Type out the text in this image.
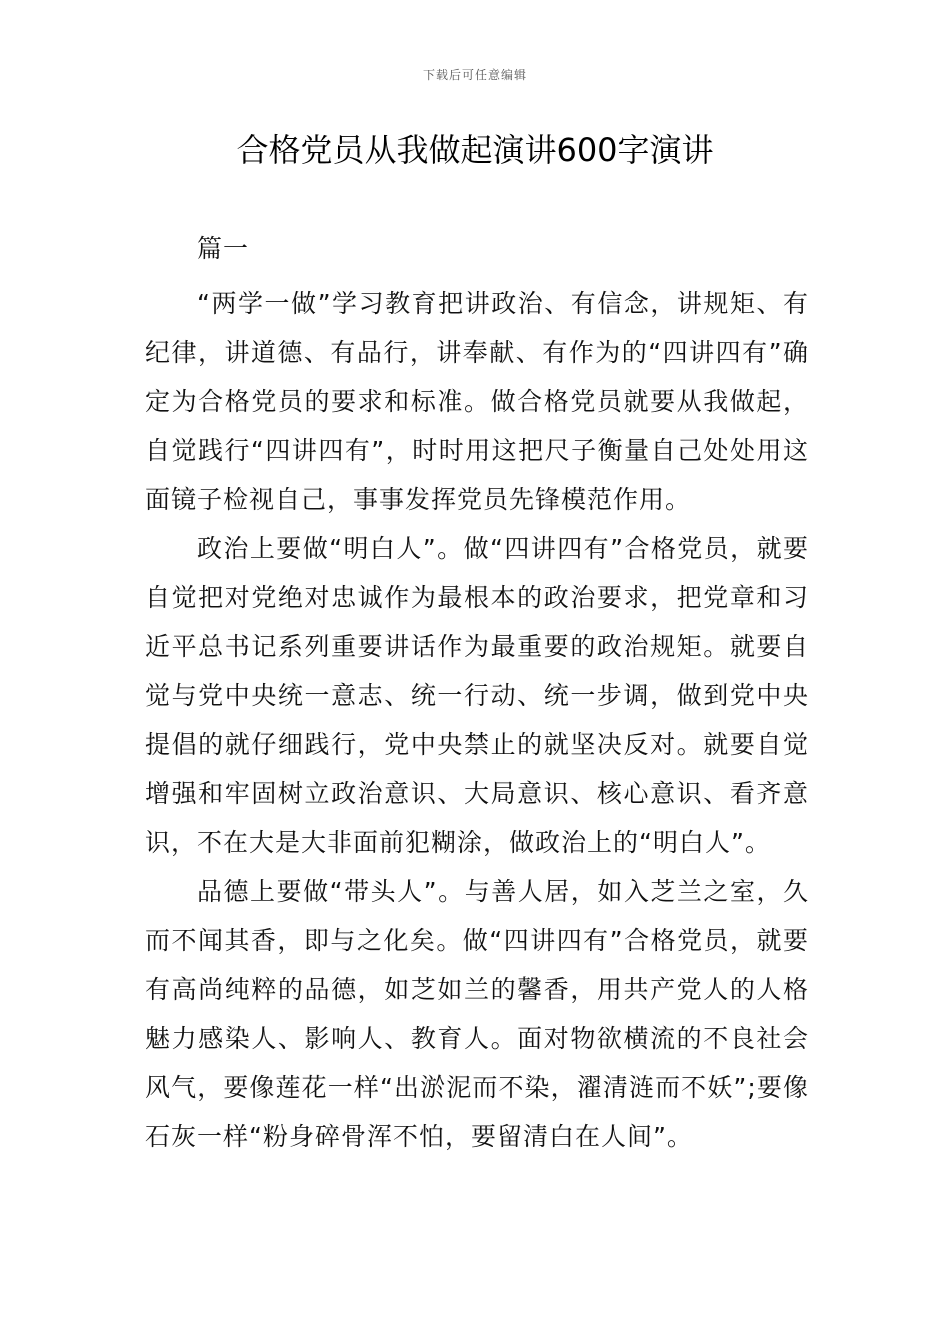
下载后可任意编辑
合格党员从我做起演讲600字演讲
篇一

“两学一做”学习教育把讲政治、有信念，讲规矩、有纪律，讲道德、有品行，讲奉献、有作为的“四讲四有”确定为合格党员的要求和标准。做合格党员就要从我做起，自觉践行“四讲四有”，时时用这把尺子衡量自己处处用这面镜子检视自己，事事发挥党员先锋模范作用。

政治上要做“明白人”。做“四讲四有”合格党员，就要自觉把对党绝对忠诚作为最根本的政治要求，把党章和习近平总书记系列重要讲话作为最重要的政治规矩。就要自觉与党中央统一意志、统一行动、统一步调，做到党中央提倡的就仔细践行，党中央禁止的就坚决反对。就要自觉增强和牢固树立政治意识、大局意识、核心意识、看齐意识，不在大是大非面前犯糊涂，做政治上的“明白人”。

品德上要做“带头人”。与善人居，如入芝兰之室，久而不闻其香，即与之化矣。做“四讲四有”合格党员，就要有高尚纯粹的品德，如芝如兰的馨香，用共产党人的人格魅力感染人、影响人、教育人。面对物欲横流的不良社会风气，要像莲花一样“出淤泥而不染，濯清涟而不妖”;要像石灰一样“粉身碎骨浑不怕，要留清白在人间”。
